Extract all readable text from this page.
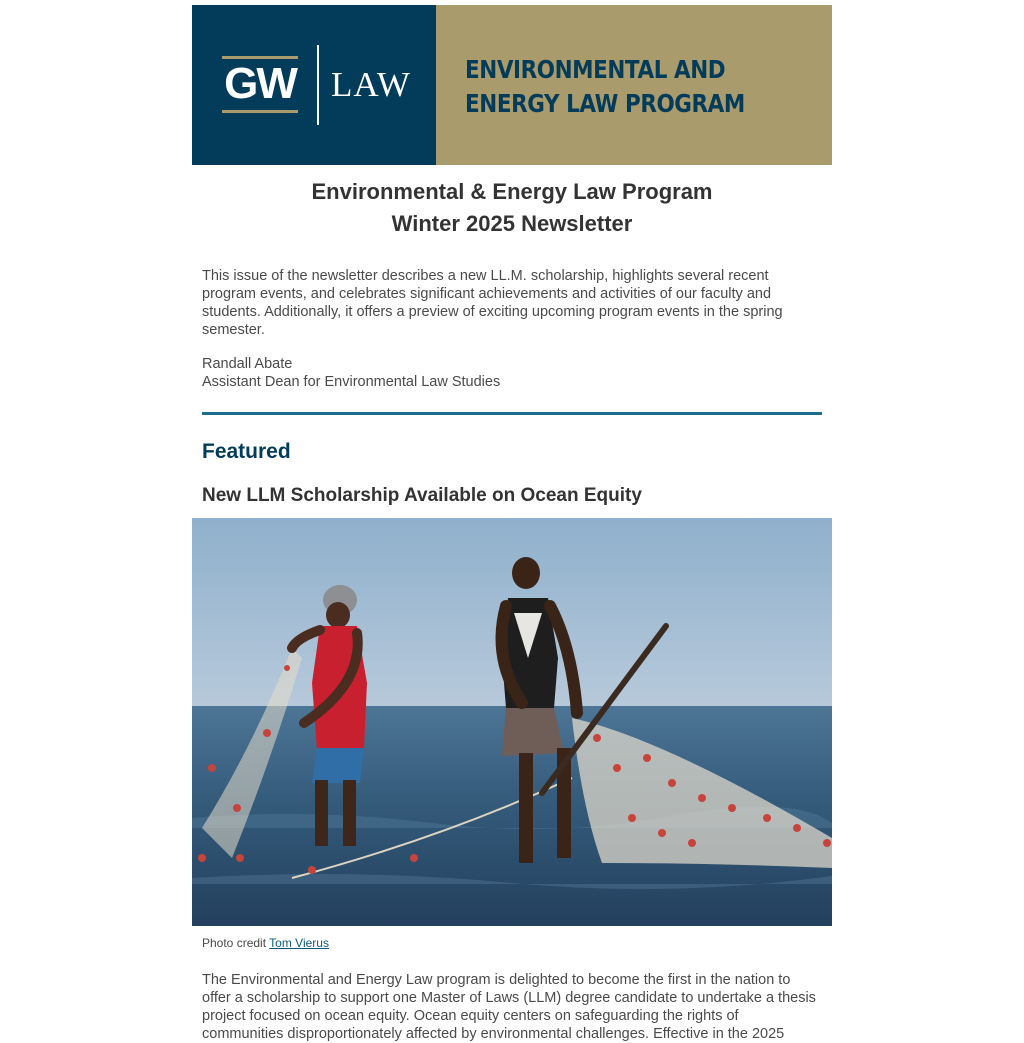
GW LAW ENVIRONMENTAL AND
ENERGY LAW PROGRAM
Environmental & Energy Law Program
Winter 2025 Newsletter

This issue of the newsletter describes a new LL.M. scholarship, highlights several recent program events, and celebrates significant achievements and activities of our faculty and students. Additionally, it offers a preview of exciting upcoming program events in the spring semester.

Randall Abate
Assistant Dean for Environmental Law Studies
Featured
New LLM Scholarship Available on Ocean Equity

Photo credit Tom Vierus

The Environmental and Energy Law program is delighted to become the first in the nation to offer a scholarship to support one Master of Laws (LLM) degree candidate to undertake a thesis project focused on ocean equity. Ocean equity centers on safeguarding the rights of communities disproportionately affected by environmental challenges. Effective in the 2025
